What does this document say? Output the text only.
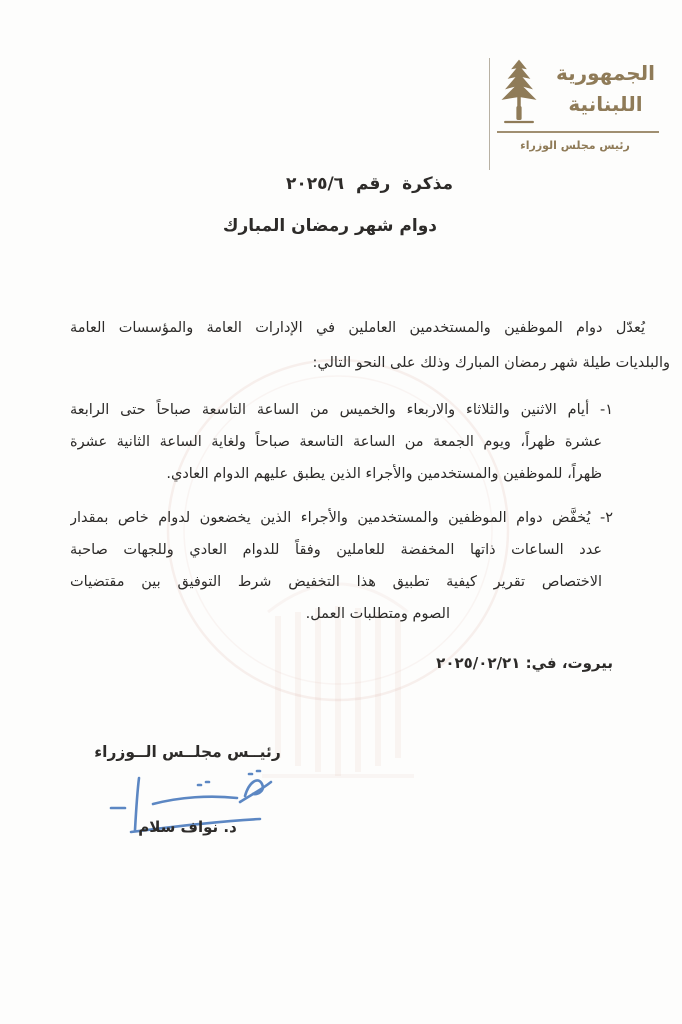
الجمهورية
اللبنانية
رئيس مجلس الوزراء
مذكرة رقم ٢٠٢٥/٦
دوام شهر رمضان المبارك
يُعدّل دوام الموظفين والمستخدمين العاملين في الإدارات العامة والمؤسسات العامة
والبلديات طيلة شهر رمضان المبارك وذلك على النحو التالي:
١- أيام الاثنين والثلاثاء والاربعاء والخميس من الساعة التاسعة صباحاً حتى الرابعة
عشرة ظهراً، ويوم الجمعة من الساعة التاسعة صباحاً ولغاية الساعة الثانية عشرة
ظهراً، للموظفين والمستخدمين والأجراء الذين يطبق عليهم الدوام العادي.
٢- يُخفَّض دوام الموظفين والمستخدمين والأجراء الذين يخضعون لدوام خاص بمقدار
عدد الساعات ذاتها المخفضة للعاملين وفقاً للدوام العادي وللجهات صاحبة
الاختصاص تقرير كيفية تطبيق هذا التخفيض شرط التوفيق بين مقتضيات
الصوم ومتطلبات العمل.
بيروت، في: ٢٠٢٥/٠٢/٢١
رئيــس مجلــس الــوزراء
د. نواف سلام
